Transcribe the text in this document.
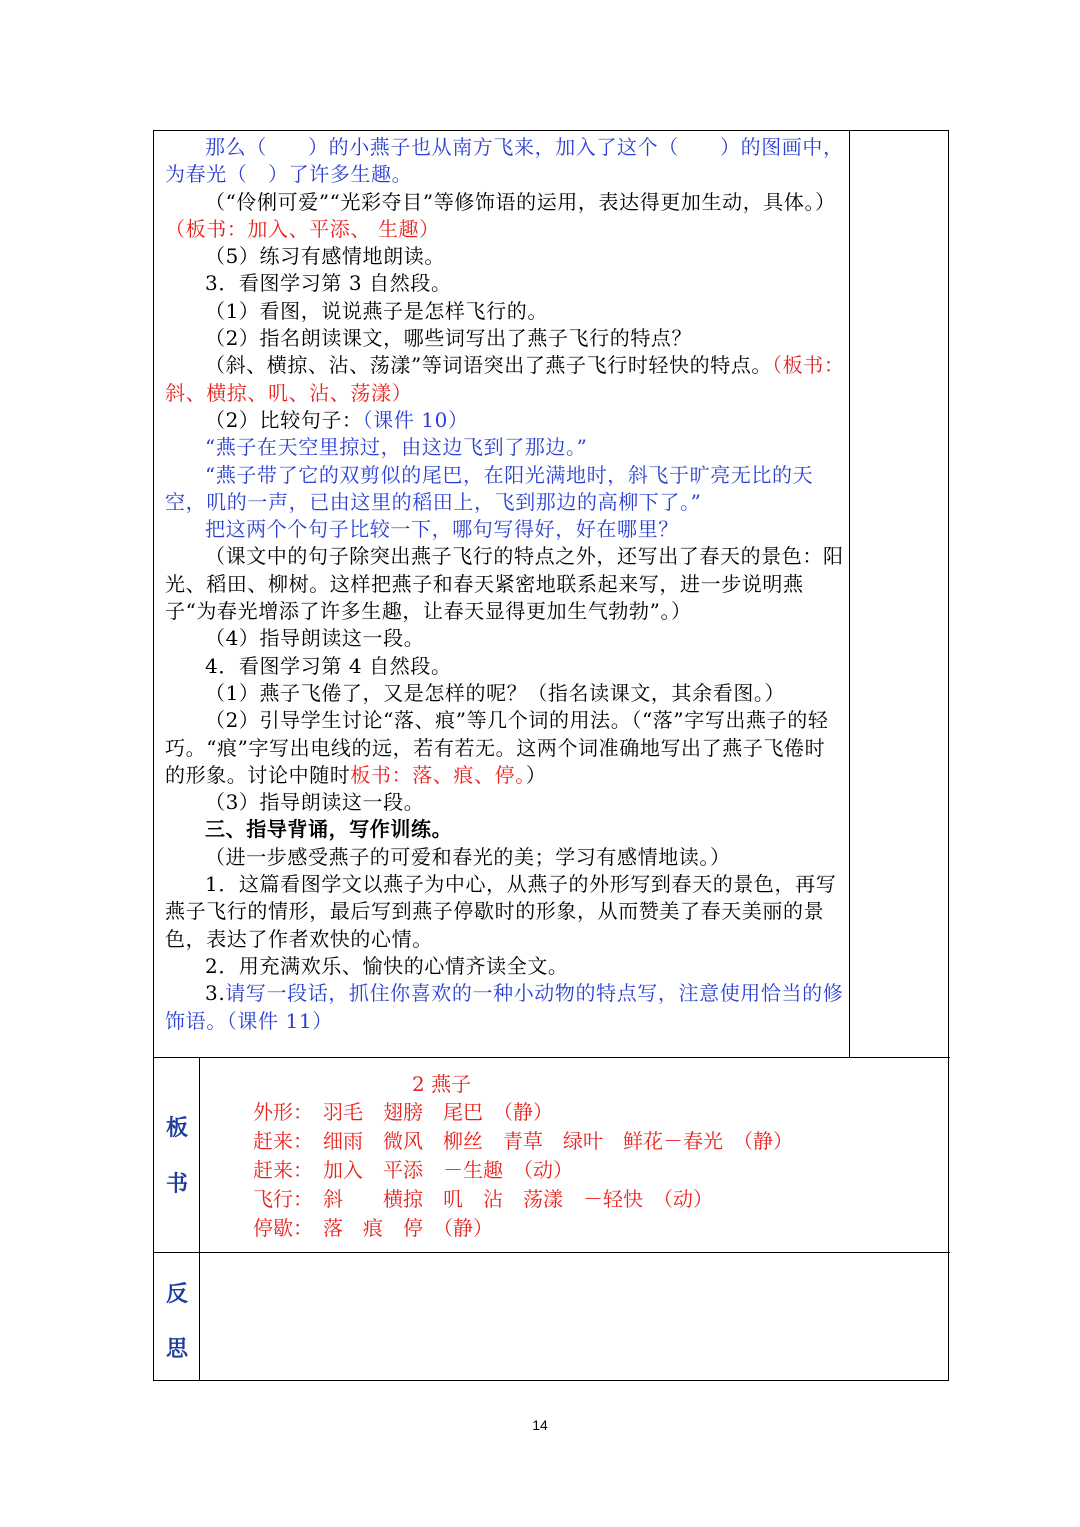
那么（　　）的小燕子也从南方飞来，加入了这个（　　）的图画中，为春光（　）了许多生趣。

（“伶俐可爱”“光彩夺目”等修饰语的运用，表达得更加生动，具体。）（板书：加入、平添、 生趣）

（5）练习有感情地朗读。

3．看图学习第 3 自然段。

（1）看图，说说燕子是怎样飞行的。

（2）指名朗读课文，哪些词写出了燕子飞行的特点？

（斜、横掠、沾、荡漾”等词语突出了燕子飞行时轻快的特点。（板书：斜、横掠、叽、沾、荡漾）

（2）比较句子：（课件 10）

“燕子在天空里掠过，由这边飞到了那边。”

“燕子带了它的双剪似的尾巴，在阳光满地时，斜飞于旷亮无比的天空，叽的一声，已由这里的稻田上，飞到那边的高柳下了。”

把这两个个句子比较一下，哪句写得好，好在哪里？

（课文中的句子除突出燕子飞行的特点之外，还写出了春天的景色：阳光、稻田、柳树。这样把燕子和春天紧密地联系起来写，进一步说明燕子“为春光增添了许多生趣，让春天显得更加生气勃勃”。）

（4）指导朗读这一段。

4．看图学习第 4 自然段。

（1）燕子飞倦了，又是怎样的呢？（指名读课文，其余看图。）

（2）引导学生讨论“落、痕”等几个词的用法。（“落”字写出燕子的轻巧。“痕”字写出电线的远，若有若无。这两个词准确地写出了燕子飞倦时的形象。讨论中随时板书：落、痕、停。）

（3）指导朗读这一段。

三、指导背诵，写作训练。

（进一步感受燕子的可爱和春光的美；学习有感情地读。）

1．这篇看图学文以燕子为中心，从燕子的外形写到春天的景色，再写燕子飞行的情形，最后写到燕子停歇时的形象，从而赞美了春天美丽的景色，表达了作者欢快的心情。

2．用充满欢乐、愉快的心情齐读全文。

3.请写一段话，抓住你喜欢的一种小动物的特点写，注意使用恰当的修饰语。（课件 11）

板
书
2 燕子

外形：　羽毛　翅膀　尾巴　（静）

赶来：　细雨　微风　柳丝　青草　绿叶　鲜花－春光　（静）

赶来：　加入　平添　－生趣　（动）

飞行：　斜　　横掠　叽　沾　荡漾　－轻快　（动）

停歇：　落　痕　停　（静）

反
思
14
